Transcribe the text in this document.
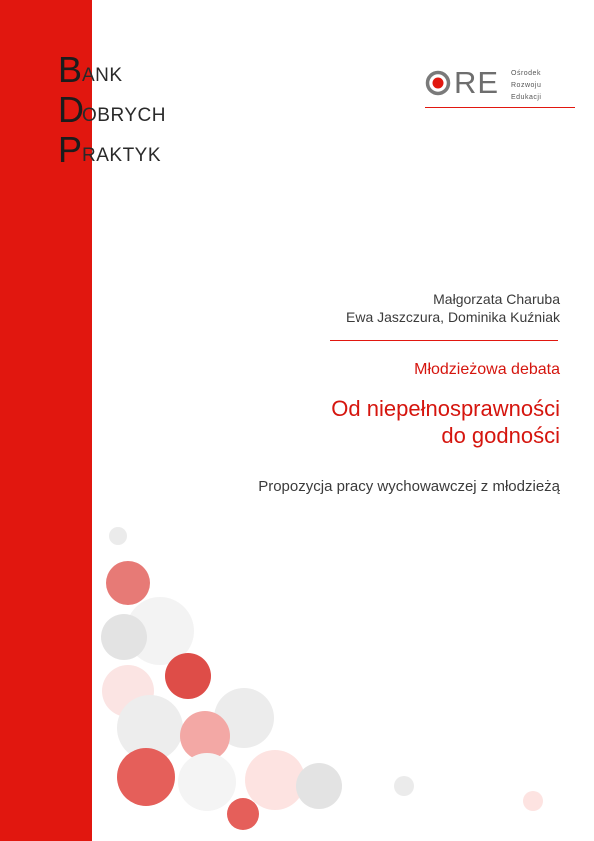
BANK
DOBRYCH
PRAKTYK
RE Ośrodek
Rozwoju
Edukacji
Małgorzata Charuba
Ewa Jaszczura, Dominika Kuźniak
Młodzieżowa debata
Od niepełnosprawności
do godności
Propozycja pracy wychowawczej z młodzieżą
